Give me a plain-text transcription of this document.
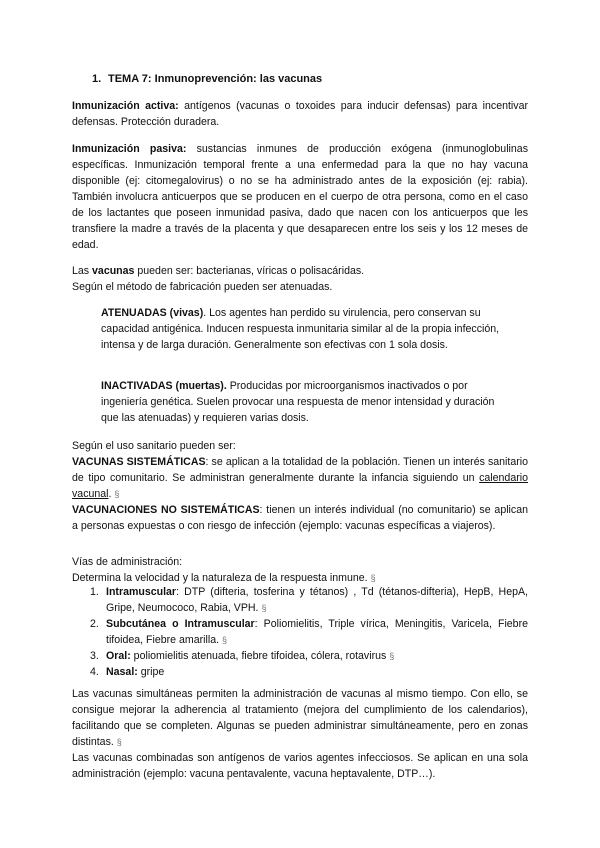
1. TEMA 7: Inmunoprevención: las vacunas
Inmunización activa: antígenos (vacunas o toxoides para inducir defensas) para incentivar defensas. Protección duradera.
Inmunización pasiva: sustancias inmunes de producción exógena (inmunoglobulinas específicas. Inmunización temporal frente a una enfermedad para la que no hay vacuna disponible (ej: citomegalovirus) o no se ha administrado antes de la exposición (ej: rabia). También involucra anticuerpos que se producen en el cuerpo de otra persona, como en el caso de los lactantes que poseen inmunidad pasiva, dado que nacen con los anticuerpos que les transfiere la madre a través de la placenta y que desaparecen entre los seis y los 12 meses de edad.
Las vacunas pueden ser: bacterianas, víricas o polisacáridas.
Según el método de fabricación pueden ser atenuadas.
ATENUADAS (vivas). Los agentes han perdido su virulencia, pero conservan su capacidad antigénica. Inducen respuesta inmunitaria similar al de la propia infección, intensa y de larga duración. Generalmente son efectivas con 1 sola dosis.
INACTIVADAS (muertas). Producidas por microorganismos inactivados o por ingeniería genética. Suelen provocar una respuesta de menor intensidad y duración que las atenuadas) y requieren varias dosis.
Según el uso sanitario pueden ser:
VACUNAS SISTEMÁTICAS: se aplican a la totalidad de la población. Tienen un interés sanitario de tipo comunitario. Se administran generalmente durante la infancia siguiendo un calendario vacunal. §
VACUNACIONES NO SISTEMÁTICAS: tienen un interés individual (no comunitario) se aplican a personas expuestas o con riesgo de infección (ejemplo: vacunas específicas a viajeros).
Vías de administración:
Determina la velocidad y la naturaleza de la respuesta inmune. §
1. Intramuscular: DTP (difteria, tosferina y tétanos) , Td (tétanos-difteria), HepB, HepA, Gripe, Neumococo, Rabia, VPH. §
2. Subcutánea o Intramuscular: Poliomielitis, Triple vírica, Meningitis, Varicela, Fiebre tifoidea, Fiebre amarilla. §
3. Oral: poliomielitis atenuada, fiebre tifoidea, cólera, rotavirus §
4. Nasal: gripe
Las vacunas simultáneas permiten la administración de vacunas al mismo tiempo. Con ello, se consigue mejorar la adherencia al tratamiento (mejora del cumplimiento de los calendarios), facilitando que se completen. Algunas se pueden administrar simultáneamente, pero en zonas distintas. §
Las vacunas combinadas son antígenos de varios agentes infecciosos. Se aplican en una sola administración (ejemplo: vacuna pentavalente, vacuna heptavalente, DTP…).
